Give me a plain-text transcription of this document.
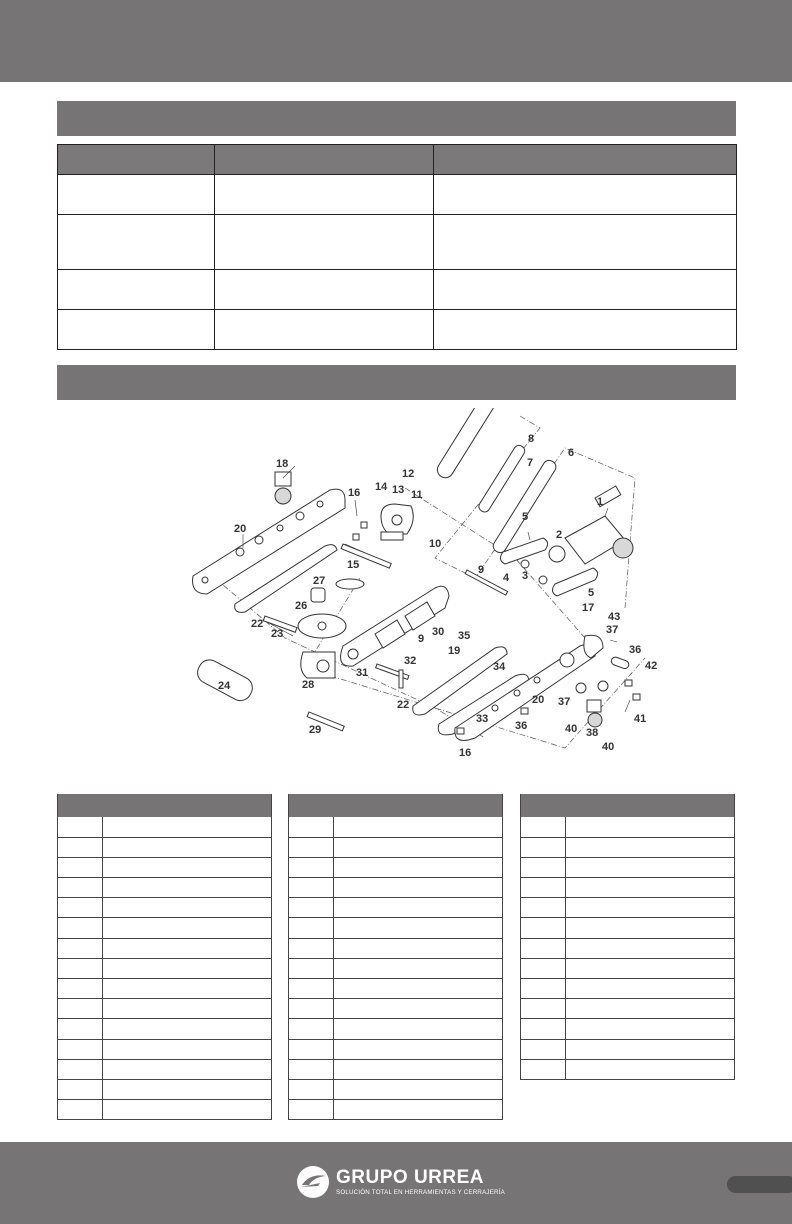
1
2
3
4
5
5
6
7
8
9
9
10
11
12
13
14
15
16
16
17
18
19
20
20
22
22
23
24
26
27
28
29
30
31
32
33
34
35
36
36
37
37
38
40
40
41
42
43

GRUPO URREA
SOLUCIÓN TOTAL EN HERRAMIENTAS Y CERRAJERÍA
